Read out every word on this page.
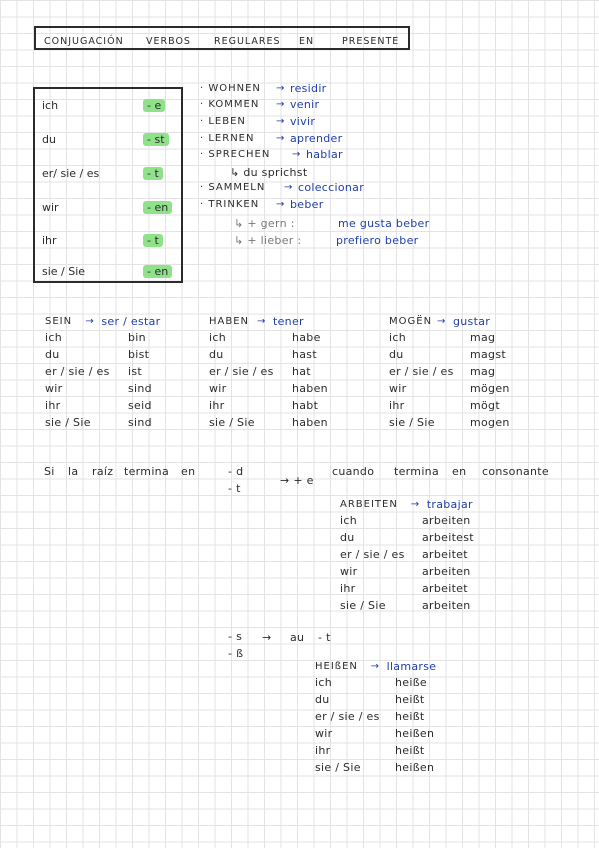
CONJUGACIÓN VERBOS REGULARES EN	PRESENTE
ich	- e
du	- st
er/ sie / es	- t
wir	- en
ihr	- t
sie / Sie	- en
· WOHNEN → residir
· KOMMEN → venir
· LEBEN	→ vivir
· LERNEN → aprender
· SPRECHEN → hablar
· SAMMELN → coleccionar
· TRINKEN → beber
↳ du sprichst
↳ + gern :	me gusta beber
↳ + lieber :	prefiero beber
SEIN → ser / estar
ich	bin
du	bist
er / sie / es ist
wir	sind
ihr	seid
sie / Sie	sind
HABEN → tener
ich	habe
du	hast
er / sie / es hat
wir	haben
ihr	habt
sie / Sie	haben
MOGËN → gustar
ich	mag
du	magst
er / sie / es mag
wir	mögen
ihr	mögt
sie / Sie	mogen
Si la raíz termina en	- d
- t
→ + e
cuando termina en consonante
ARBEITEN → trabajar
ich	arbeiten
du	arbeitest
er / sie / es arbeitet
wir	arbeiten
ihr	arbeitet
sie / Sie	arbeiten
- s
- ß
→ au - t
HEIßEN → llamarse
ich	heiße
du	heißt
er / sie / es heißt
wir	heißen
ihr	heißt
sie / Sie	heißen
